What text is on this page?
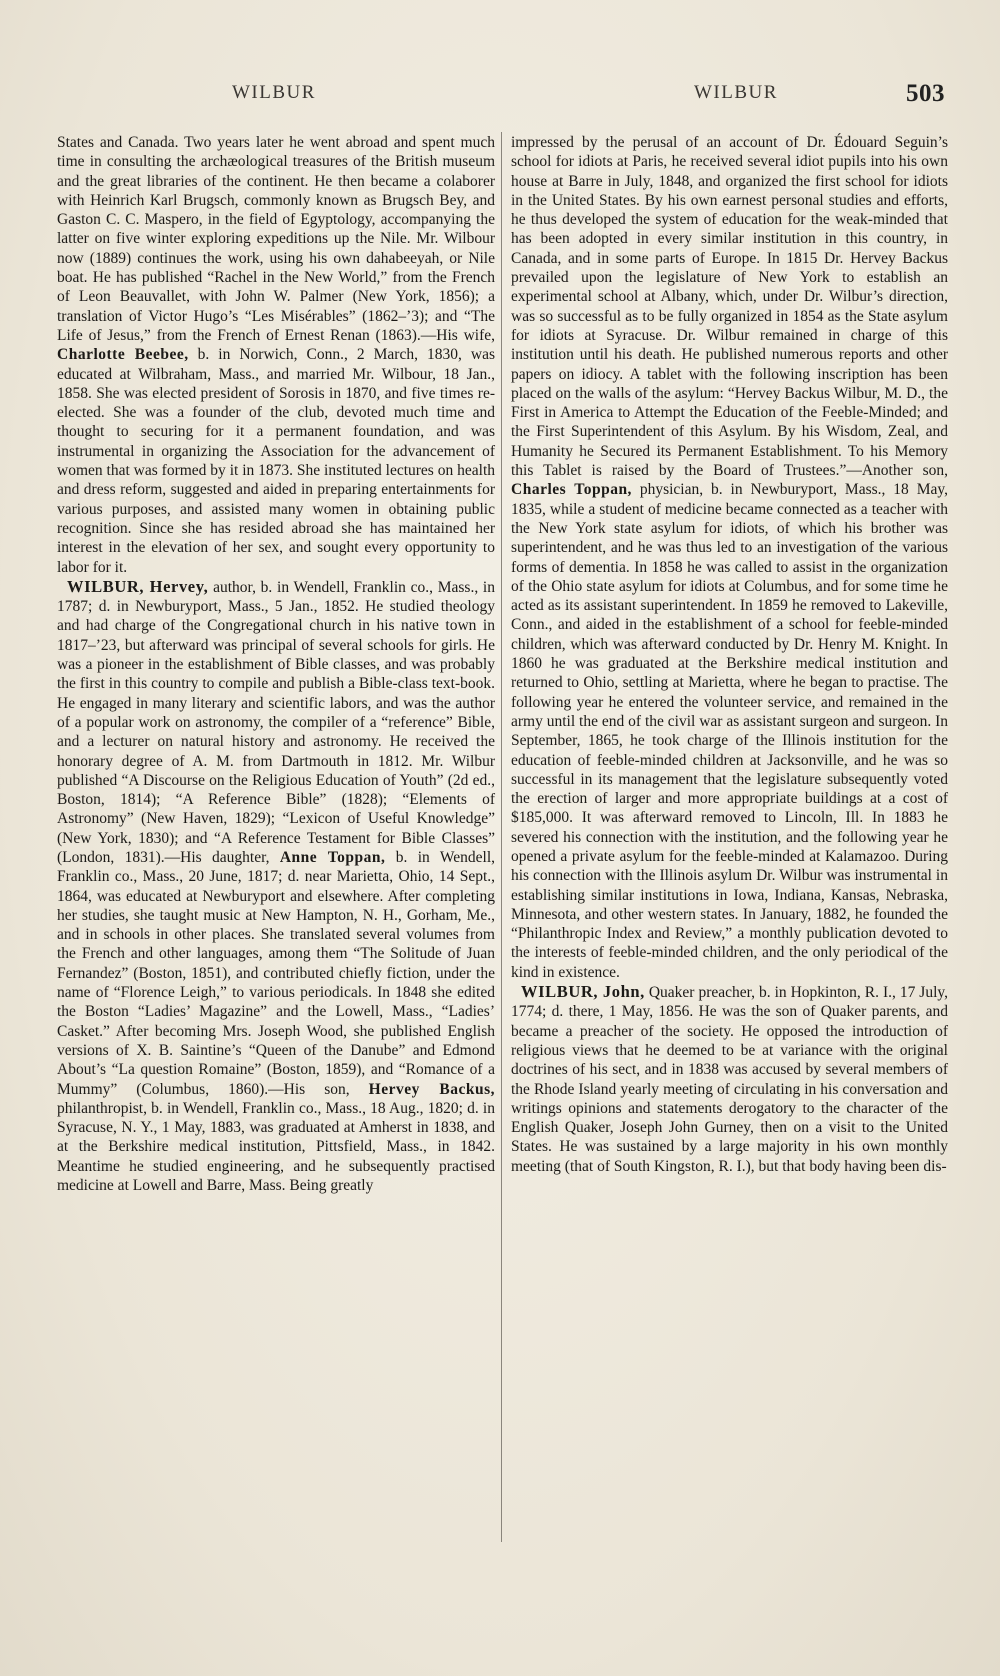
WILBUR	WILBUR	503

States and Canada. Two years later he went abroad and spent much time in consulting the archæological treasures of the British museum and the great libraries of the continent. He then became a colaborer with Heinrich Karl Brugsch, commonly known as Brugsch Bey, and Gaston C. C. Maspero, in the field of Egyptology, accompanying the latter on five winter exploring expeditions up the Nile. Mr. Wilbour now (1889) continues the work, using his own dahabeeyah, or Nile boat. He has published “Rachel in the New World,” from the French of Leon Beauvallet, with John W. Palmer (New York, 1856); a translation of Victor Hugo’s “Les Misérables” (1862–’3); and “The Life of Jesus,” from the French of Ernest Renan (1863).—His wife, Charlotte Beebee, b. in Norwich, Conn., 2 March, 1830, was educated at Wilbraham, Mass., and married Mr. Wilbour, 18 Jan., 1858. She was elected president of Sorosis in 1870, and five times re-elected. She was a founder of the club, devoted much time and thought to securing for it a permanent foundation, and was instrumental in organizing the Association for the advancement of women that was formed by it in 1873. She instituted lectures on health and dress reform, suggested and aided in preparing entertainments for various purposes, and assisted many women in obtaining public recognition. Since she has resided abroad she has maintained her interest in the elevation of her sex, and sought every opportunity to labor for it.

WILBUR, Hervey, author, b. in Wendell, Franklin co., Mass., in 1787; d. in Newburyport, Mass., 5 Jan., 1852. He studied theology and had charge of the Congregational church in his native town in 1817–’23, but afterward was principal of several schools for girls. He was a pioneer in the establishment of Bible classes, and was probably the first in this country to compile and publish a Bible-class text-book. He engaged in many literary and scientific labors, and was the author of a popular work on astronomy, the compiler of a “reference” Bible, and a lecturer on natural history and astronomy. He received the honorary degree of A. M. from Dartmouth in 1812. Mr. Wilbur published “A Discourse on the Religious Education of Youth” (2d ed., Boston, 1814); “A Reference Bible” (1828); “Elements of Astronomy” (New Haven, 1829); “Lexicon of Useful Knowledge” (New York, 1830); and “A Reference Testament for Bible Classes” (London, 1831).—His daughter, Anne Toppan, b. in Wendell, Franklin co., Mass., 20 June, 1817; d. near Marietta, Ohio, 14 Sept., 1864, was educated at Newburyport and elsewhere. After completing her studies, she taught music at New Hampton, N. H., Gorham, Me., and in schools in other places. She translated several volumes from the French and other languages, among them “The Solitude of Juan Fernandez” (Boston, 1851), and contributed chiefly fiction, under the name of “Florence Leigh,” to various periodicals. In 1848 she edited the Boston “Ladies’ Magazine” and the Lowell, Mass., “Ladies’ Casket.” After becoming Mrs. Joseph Wood, she published English versions of X. B. Saintine’s “Queen of the Danube” and Edmond About’s “La question Romaine” (Boston, 1859), and “Romance of a Mummy” (Columbus, 1860).—His son, Hervey Backus, philanthropist, b. in Wendell, Franklin co., Mass., 18 Aug., 1820; d. in Syracuse, N. Y., 1 May, 1883, was graduated at Amherst in 1838, and at the Berkshire medical institution, Pittsfield, Mass., in 1842. Meantime he studied engineering, and he subsequently practised medicine at Lowell and Barre, Mass. Being greatly

impressed by the perusal of an account of Dr. Édouard Seguin’s school for idiots at Paris, he received several idiot pupils into his own house at Barre in July, 1848, and organized the first school for idiots in the United States. By his own earnest personal studies and efforts, he thus developed the system of education for the weak-minded that has been adopted in every similar institution in this country, in Canada, and in some parts of Europe. In 1815 Dr. Hervey Backus prevailed upon the legislature of New York to establish an experimental school at Albany, which, under Dr. Wilbur’s direction, was so successful as to be fully organized in 1854 as the State asylum for idiots at Syracuse. Dr. Wilbur remained in charge of this institution until his death. He published numerous reports and other papers on idiocy. A tablet with the following inscription has been placed on the walls of the asylum: “Hervey Backus Wilbur, M. D., the First in America to Attempt the Education of the Feeble-Minded; and the First Superintendent of this Asylum. By his Wisdom, Zeal, and Humanity he Secured its Permanent Establishment. To his Memory this Tablet is raised by the Board of Trustees.”—Another son, Charles Toppan, physician, b. in Newburyport, Mass., 18 May, 1835, while a student of medicine became connected as a teacher with the New York state asylum for idiots, of which his brother was superintendent, and he was thus led to an investigation of the various forms of dementia. In 1858 he was called to assist in the organization of the Ohio state asylum for idiots at Columbus, and for some time he acted as its assistant superintendent. In 1859 he removed to Lakeville, Conn., and aided in the establishment of a school for feeble-minded children, which was afterward conducted by Dr. Henry M. Knight. In 1860 he was graduated at the Berkshire medical institution and returned to Ohio, settling at Marietta, where he began to practise. The following year he entered the volunteer service, and remained in the army until the end of the civil war as assistant surgeon and surgeon. In September, 1865, he took charge of the Illinois institution for the education of feeble-minded children at Jacksonville, and he was so successful in its management that the legislature subsequently voted the erection of larger and more appropriate buildings at a cost of $185,000. It was afterward removed to Lincoln, Ill. In 1883 he severed his connection with the institution, and the following year he opened a private asylum for the feeble-minded at Kalamazoo. During his connection with the Illinois asylum Dr. Wilbur was instrumental in establishing similar institutions in Iowa, Indiana, Kansas, Nebraska, Minnesota, and other western states. In January, 1882, he founded the “Philanthropic Index and Review,” a monthly publication devoted to the interests of feeble-minded children, and the only periodical of the kind in existence.

WILBUR, John, Quaker preacher, b. in Hopkinton, R. I., 17 July, 1774; d. there, 1 May, 1856. He was the son of Quaker parents, and became a preacher of the society. He opposed the introduction of religious views that he deemed to be at variance with the original doctrines of his sect, and in 1838 was accused by several members of the Rhode Island yearly meeting of circulating in his conversation and writings opinions and statements derogatory to the character of the English Quaker, Joseph John Gurney, then on a visit to the United States. He was sustained by a large majority in his own monthly meeting (that of South Kingston, R. I.), but that body having been dis-
